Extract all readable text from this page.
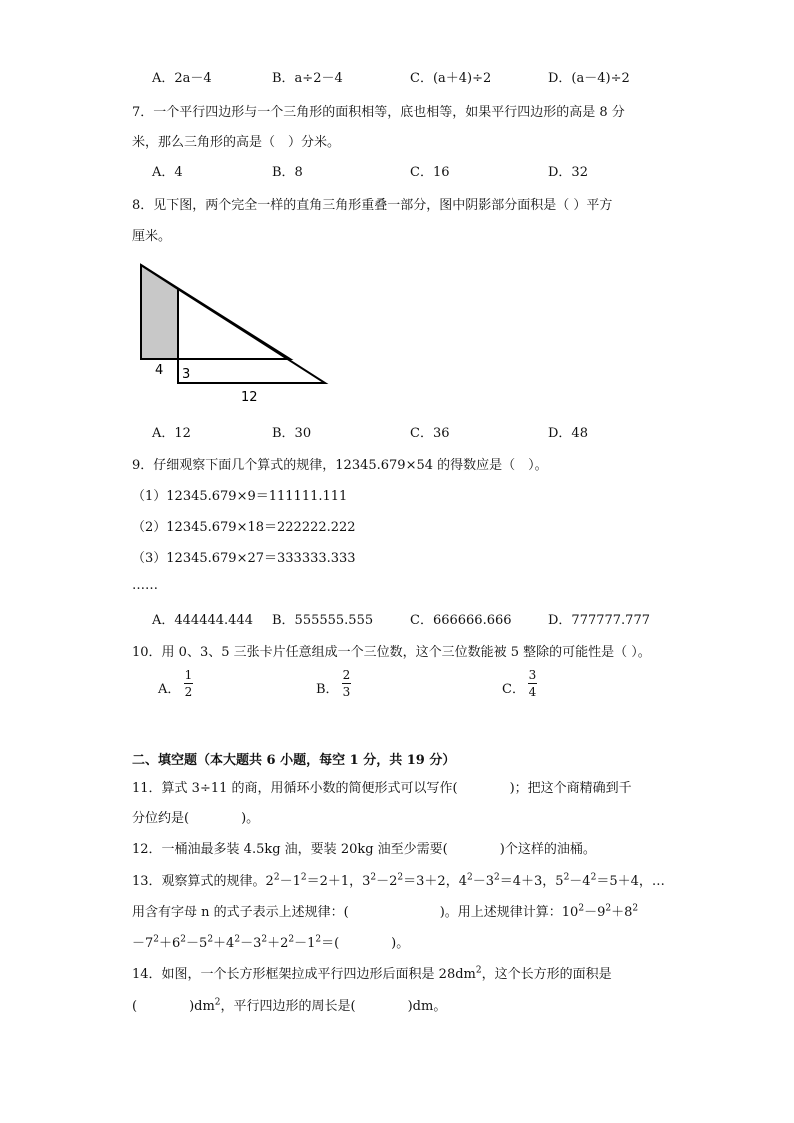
A．2a－4	B．a÷2－4	C．(a＋4)÷2	D．(a－4)÷2
7．一个平行四边形与一个三角形的面积相等，底也相等，如果平行四边形的高是 8 分
米，那么三角形的高是（　）分米。
A．4	B．8	C．16	D．32
8．见下图，两个完全一样的直角三角形重叠一部分，图中阴影部分面积是（ ）平方
厘米。
4 3
12
A．12	B．30	C．36	D．48
9．仔细观察下面几个算式的规律，12345.679×54 的得数应是（　）。
（1）12345.679×9＝111111.111
（2）12345.679×18＝222222.222
（3）12345.679×27＝333333.333
……
A．444444.444 B．555555.555	C．666666.666	D．777777.777
10．用 0、3、5 三张卡片任意组成一个三位数，这个三位数能被 5 整除的可能性是（ ）。
A．
1
2	B．
2
3	C．
3
4
二、填空题（本大题共 6 小题，每空 1 分，共 19 分）
11．算式 3÷11 的商，用循环小数的简便形式可以写作(　　　　)；把这个商精确到千
分位约是(　　　　)。
12．一桶油最多装 4.5kg 油，要装 20kg 油至少需要(　　　　)个这样的油桶。
13．观察算式的规律。$2^2-1^2=2+1$，$3^2-2^2=3+2$，$4^2-3^2=4+3$，$5^2-4^2=5+4$，…
用含有字母 n 的式子表示上述规律：(　　　　　　　)。用上述规律计算：$10^2-9^2+8^2$
$-7^2+6^2-5^2+4^2-3^2+2^2-1^2=$(　　　　)。
14．如图，一个长方形框架拉成平行四边形后面积是 $28dm^2$，这个长方形的面积是
(　　　　)$dm^2$，平行四边形的周长是(　　　　)dm。
